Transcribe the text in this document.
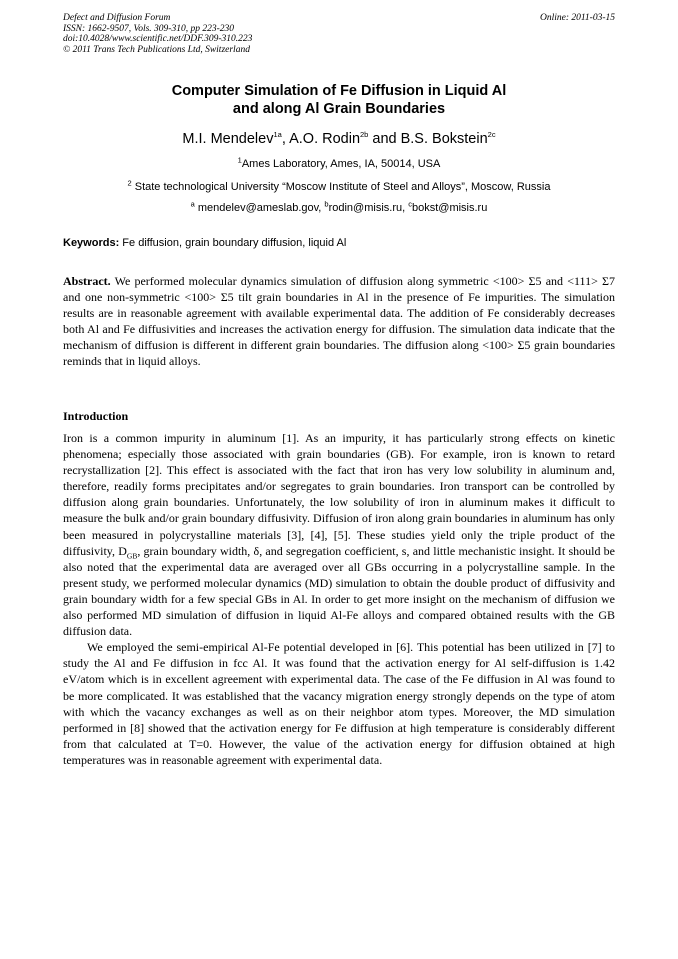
Defect and Diffusion Forum
ISSN: 1662-9507, Vols. 309-310, pp 223-230
doi:10.4028/www.scientific.net/DDF.309-310.223
© 2011 Trans Tech Publications Ltd, Switzerland
Online: 2011-03-15
Computer Simulation of Fe Diffusion in Liquid Al
and along Al Grain Boundaries
M.I. Mendelev$^{1a}$, A.O. Rodin$^{2b}$ and B.S. Bokstein$^{2c}$
$^1$Ames Laboratory, Ames, IA, 50014, USA
$^2$ State technological University “Moscow Institute of Steel and Alloys”, Moscow, Russia
$^a$ mendelev@ameslab.gov, $^b$rodin@misis.ru, $^c$bokst@misis.ru
Keywords: Fe diffusion, grain boundary diffusion, liquid Al
Abstract. We performed molecular dynamics simulation of diffusion along symmetric <100> Σ5 and <111> Σ7 and one non-symmetric <100> Σ5 tilt grain boundaries in Al in the presence of Fe impurities. The simulation results are in reasonable agreement with available experimental data. The addition of Fe considerably decreases both Al and Fe diffusivities and increases the activation energy for diffusion. The simulation data indicate that the mechanism of diffusion is different in different grain boundaries. The diffusion along <100> Σ5 grain boundaries reminds that in liquid alloys.
Introduction

Iron is a common impurity in aluminum [1]. As an impurity, it has particularly strong effects on kinetic phenomena; especially those associated with grain boundaries (GB). For example, iron is known to retard recrystallization [2]. This effect is associated with the fact that iron has very low solubility in aluminum and, therefore, readily forms precipitates and/or segregates to grain boundaries. Iron transport can be controlled by diffusion along grain boundaries. Unfortunately, the low solubility of iron in aluminum makes it difficult to measure the bulk and/or grain boundary diffusivity. Diffusion of iron along grain boundaries in aluminum has only been measured in polycrystalline materials [3], [4], [5]. These studies yield only the triple product of the diffusivity, $D_{GB}$, grain boundary width, δ, and segregation coefficient, s, and little mechanistic insight. It should be also noted that the experimental data are averaged over all GBs occurring in a polycrystalline sample. In the present study, we performed molecular dynamics (MD) simulation to obtain the double product of diffusivity and grain boundary width for a few special GBs in Al. In order to get more insight on the mechanism of diffusion we also performed MD simulation of diffusion in liquid Al-Fe alloys and compared obtained results with the GB diffusion data.

We employed the semi-empirical Al-Fe potential developed in [6]. This potential has been utilized in [7] to study the Al and Fe diffusion in fcc Al. It was found that the activation energy for Al self-diffusion is 1.42 eV/atom which is in excellent agreement with experimental data. The case of the Fe diffusion in Al was found to be more complicated. It was established that the vacancy migration energy strongly depends on the type of atom with which the vacancy exchanges as well as on their neighbor atom types. Moreover, the MD simulation performed in [8] showed that the activation energy for Fe diffusion at high temperature is considerably different from that calculated at T=0. However, the value of the activation energy for diffusion obtained at high temperatures was in reasonable agreement with experimental data.
